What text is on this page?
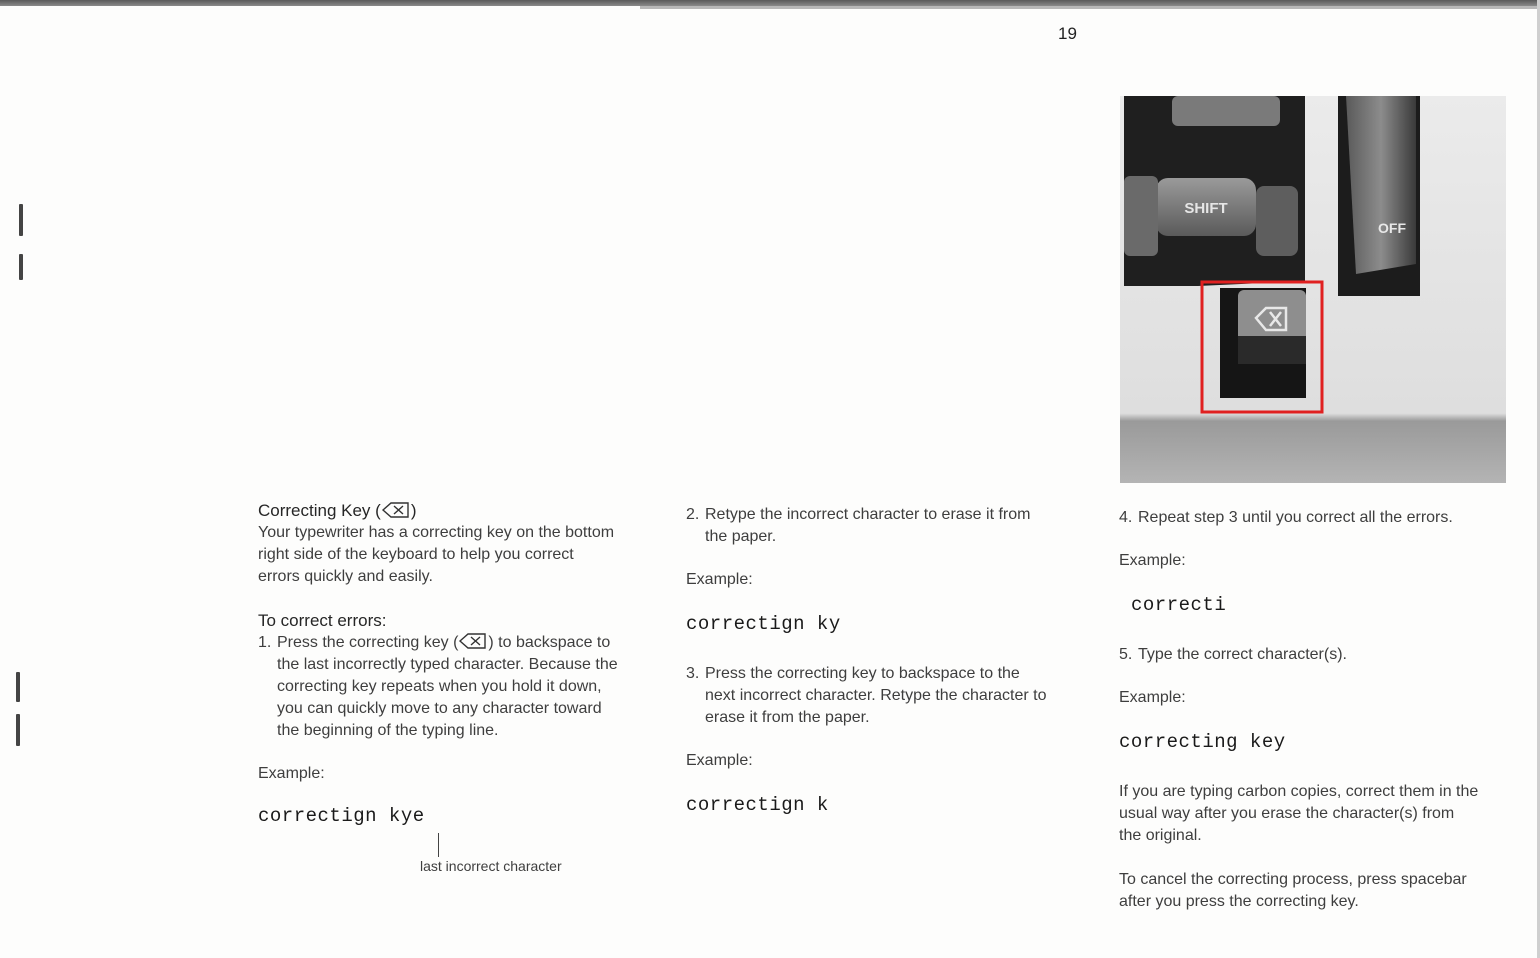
19

Correcting Key ( )

Your typewriter has a correcting key on the bottom

right side of the keyboard to help you correct

errors quickly and easily.

To correct errors:

1. Press the correcting key ( ) to backspace to

the last incorrectly typed character. Because the

correcting key repeats when you hold it down,

you can quickly move to any character toward

the beginning of the typing line.

Example:

correctign kye

last incorrect character
2. Retype the incorrect character to erase it from

the paper.

Example:

correctign ky

3. Press the correcting key to backspace to the

next incorrect character. Retype the character to

erase it from the paper.

Example:

correctign k

SHIFT
OFF
4. Repeat step 3 until you correct all the errors.

Example:

correcti

5. Type the correct character(s).

Example:

correcting key

If you are typing carbon copies, correct them in the

usual way after you erase the character(s) from

the original.

To cancel the correcting process, press spacebar

after you press the correcting key.
